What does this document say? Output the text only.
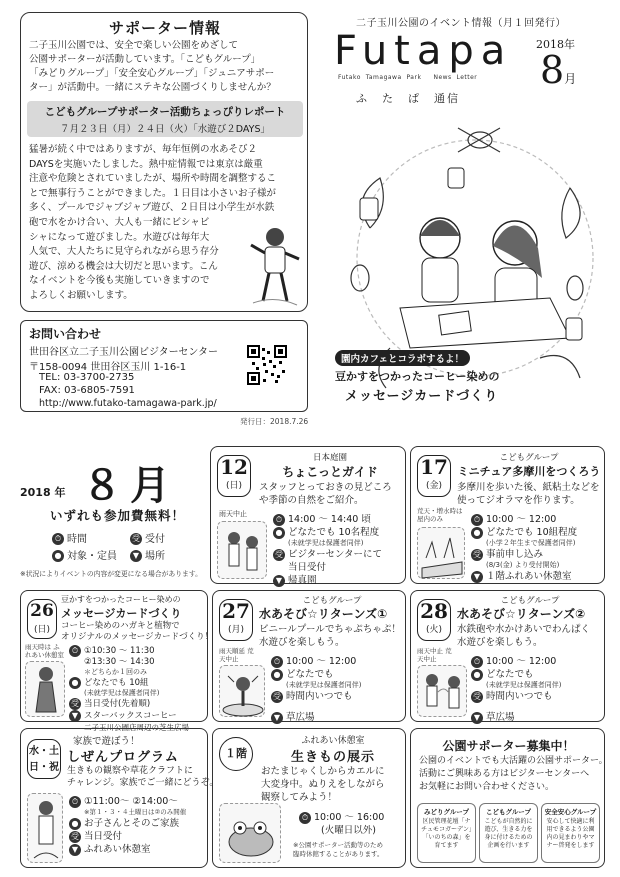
サポーター情報
二子玉川公園では、安全で楽しい公園をめざして
公園サポーターが活動しています。「こどもグループ」
「みどりグループ」「安全安心グループ」「ジュニアサポー
ター」が活動中。一緒にステキな公園づくりしませんか？
こどもグループサポーター活動ちょっぴりレポート
７月２３日（月）２４日（火）「水遊び２DAYS」
猛暑が続く中ではありますが、毎年恒例の水あそび２
DAYSを実施いたしました。熱中症情報では東京は厳重
注意や危険とされていましたが、場所や時間を調整するこ
とで無事行うことができました。１日目は小さいお子様が
多く、プールでジャブジャブ遊び、２日目は小学生が水鉄
砲で水をかけ合い、大人も一緒にビシャビ
シャになって遊びました。水遊びは毎年大
人気で、大人たちに見守られながら思う存分
遊び、涼める機会は大切だと思います。こん
なイベントを今後も実施していきますので
よろしくお願いします。
お問い合わせ
世田谷区立二子玉川公園ビジターセンター
〒158-0094 世田谷区玉川 1-16-1
TEL: 03-3700-2735
FAX: 03-6805-7591
http://www.futako-tamagawa-park.jp/
発行日：2018.7.26
二子玉川公園のイベント情報（月１回発行）
Futapa
Futako  Tamagawa  Park     News  Letter
ふ　た　ぱ　通信
2018年
8月
園内カフェとコラボするよ！
豆かすをつかったコーヒー染めの
メッセージカードづくり
2018 年 ８月
いずれも参加費無料！
⏱ 時間	受 受付
● 対象・定員	▼ 場所
※状況によりイベントの内容が変更になる場合があります。
12
(日)
日本庭園
ちょこっとガイド
スタッフとっておきの見どころ
や季節の自然をご紹介。
雨天中止
⏱ 14:00 ～ 14:40 頃
● どなたでも 10名程度
(未就学児は保護者同伴)
受 ビジターセンターにて
当日受付
▼ 帰真園
17
(金)
こどもグループ
ミニチュア多摩川をつくろう
多摩川を歩いた後、紙粘土などを
使ってジオラマを作ります。
荒天・増水時は屋内のみ	⏱ 10:00 ～ 12:00
● どなたでも 10組程度
(小学２年生まで保護者同伴)
受 事前申し込み
(8/3(金) より受付開始)
▼ １階ふれあい休憩室
26
(日)
豆かすをつかったコーヒー染めの
メッセージカードづくり
コーヒー染めのハガキと植物で
オリジナルのメッセージカードづくり！
雨天時は ふれあい休憩室 ⏱ ①10:30 ～ 11:30
②13:30 ～ 14:30
＊どちらか１回のみ
● どなたでも 10組
(未就学児は保護者同伴)
受 当日受付(先着順)
▼ スターバックスコーヒー
二子玉川公園店周辺の芝生広場
27
(月)
こどもグループ
水あそび☆リターンズ①
ビニールプールでちゃぷちゃぷ！
水遊びを楽しもう。
雨天順延 荒天中止	⏱ 10:00 ～ 12:00
● どなたでも
(未就学児は保護者同伴)
受 時間内いつでも
▼ 草広場
28
(火)
こどもグループ
水あそび☆リターンズ②
水鉄砲や水かけあいでわんぱく
水遊びを楽しもう。
雨天中止 荒天中止	⏱ 10:00 ～ 12:00
● どなたでも
(未就学児は保護者同伴)
受 時間内いつでも
▼ 草広場
水・土
日・祝
家族で遊ぼう！
しぜんプログラム
生きもの観察や草花クラフトに
チャレンジ。家族でご一緒にどうぞ。
⏱ ①11:00～ ②14:00～
※第１・３・４土曜日は②のみ開催
● お子さんとそのご家族
受 当日受付
▼ ふれあい休憩室
１階
ふれあい休憩室
生きもの展示
おたまじゃくしからカエルに
大変身中。ぬりえをしながら
観察してみよう！
⏱ 10:00 ～ 16:00
(火曜日以外)
※公園サポーター活動等のため
臨時休館することがあります。
公園サポーター募集中！
公園のイベントでも大活躍の公園サポーター。
活動にご興味ある方はビジターセンターへ
お気軽にお問い合わせください。
みどりグループ
区民管理花壇「ナチュモコガーデン」「いのちの森」を育てます
こどもグループ
こどもが自然的に遊び、生きる力を身に付けるための企画を行います
安全安心グループ
安心して快適に利用できるよう公園内の見まわりやマナー啓発をします
